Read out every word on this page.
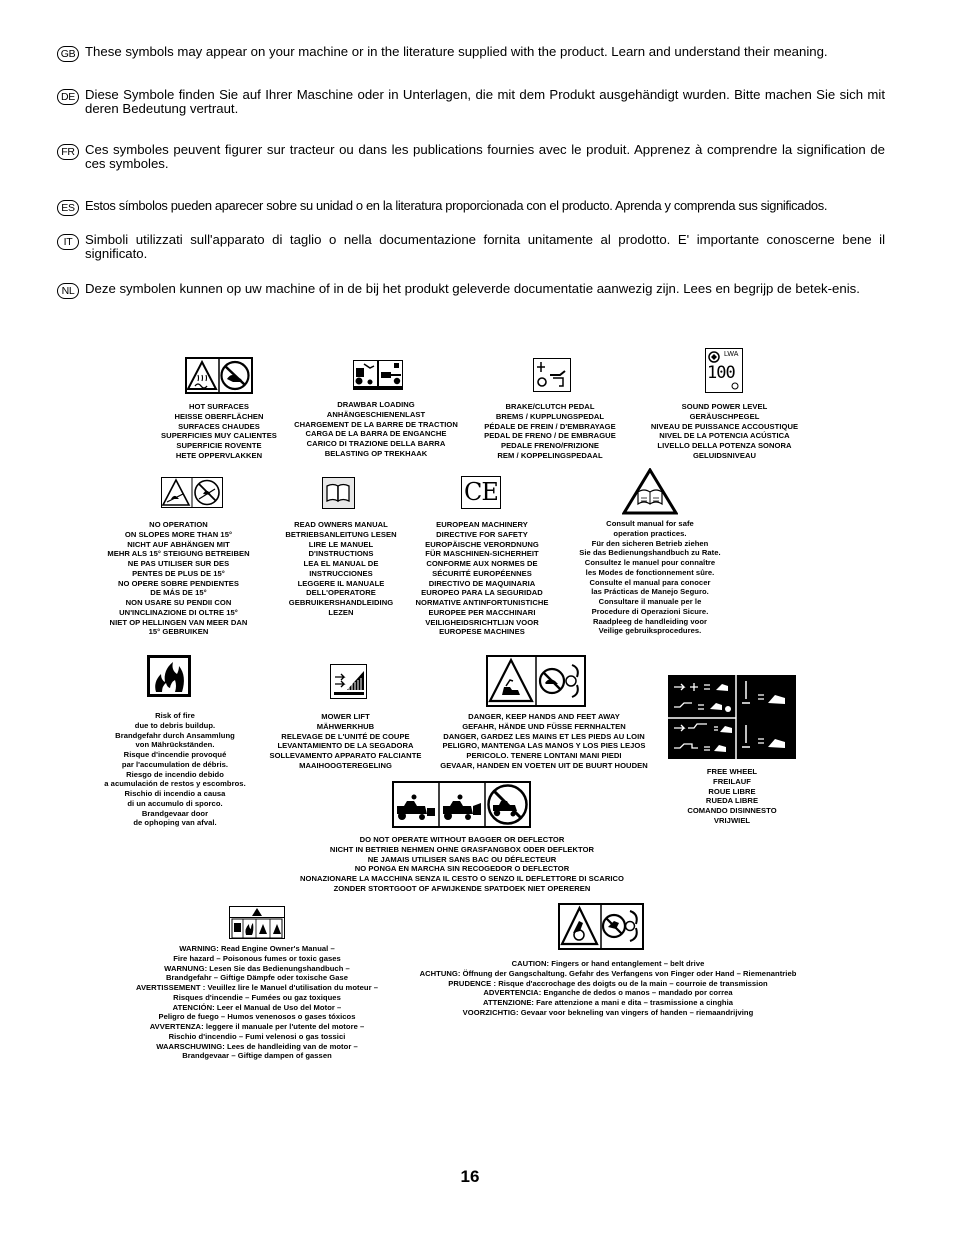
GB These symbols may appear on your machine or in the literature supplied with the product. Learn and understand their meaning.
DE Diese Symbole finden Sie auf Ihrer Maschine oder in Unterlagen, die mit dem Produkt ausgehändigt wurden. Bitte machen Sie sich mit deren Bedeutung vertraut.
FR Ces symboles peuvent figurer sur tracteur ou dans les publications fournies avec le produit. Apprenez à comprendre la signification de ces symboles.
ES Estos símbolos pueden aparecer sobre su unidad o en la literatura proporcionada con el producto. Aprenda y comprenda sus significados.
IT Simboli utilizzati sull'apparato di taglio o nella documentazione fornita unitamente al prodotto. E' importante conoscerne bene il significato.
NL Deze symbolen kunnen op uw machine of in de bij het produkt geleverde documentatie aanwezig zijn. Lees en begrijp de betek-enis.
HOT SURFACES
HEISSE OBERFLÄCHEN
SURFACES CHAUDES
SUPERFICIES MUY CALIENTES
SUPERFICIE ROVENTE
HETE OPPERVLAKKEN
DRAWBAR LOADING
ANHÄNGESCHIENENLAST
CHARGEMENT DE LA BARRE DE TRACTION
CARGA DE LA BARRA DE ENGANCHE
CARICO DI TRAZIONE DELLA BARRA
BELASTING OP TREKHAAK
BRAKE/CLUTCH PEDAL
BREMS / KUPPLUNGSPEDAL
PÉDALE DE FREIN / D'EMBRAYAGE
PEDAL DE FRENO / DE EMBRAGUE
PEDALE FRENO/FRIZIONE
REM / KOPPELINGSPEDAAL
LWA
100
SOUND POWER LEVEL
GERÄUSCHPEGEL
NIVEAU DE PUISSANCE ACCOUSTIQUE
NIVEL DE LA POTENCIA ACÚSTICA
LIVELLO DELLA POTENZA SONORA
GELUIDSNIVEAU
NO OPERATION
ON SLOPES MORE THAN 15°
NICHT AUF ABHÄNGEN MIT
MEHR ALS 15° STEIGUNG BETREIBEN
NE PAS UTILISER SUR DES
PENTES DE PLUS DE 15°
NO OPERE SOBRE PENDIENTES
DE MÁS DE 15°
NON USARE SU PENDII CON
UN'INCLINAZIONE DI OLTRE 15°
NIET OP HELLINGEN VAN MEER DAN
15° GEBRUIKEN
READ OWNERS MANUAL
BETRIEBSANLEITUNG LESEN
LIRE LE MANUEL
D'INSTRUCTIONS
LEA EL MANUAL DE
INSTRUCCIONES
LEGGERE IL MANUALE
DELL'OPERATORE
GEBRUIKERSHANDLEIDING
LEZEN
CE
EUROPEAN MACHINERY
DIRECTIVE FOR SAFETY
EUROPÄISCHE VERORDNUNG
FÜR MASCHINEN-SICHERHEIT
CONFORME AUX NORMES DE
SÉCURITÉ EUROPÉENNES
DIRECTIVO DE MAQUINARIA
EUROPEO PARA LA SEGURIDAD
NORMATIVE ANTINFORTUNISTICHE
EUROPEE PER MACCHINARI
VEILIGHEIDSRICHTLIJN VOOR
EUROPESE MACHINES
Consult manual for safe
operation practices.
Für den sicheren Betrieb ziehen
Sie das Bedienungshandbuch zu Rate.
Consultez le manuel pour connaître
les Modes de fonctionnement sûre.
Consulte el manual para conocer
las Prácticas de Manejo Seguro.
Consultare il manuale per le
Procedure di Operazioni Sicure.
Raadpleeg de handleiding voor
Veilige gebruiksprocedures.
Risk of fire
due to debris buildup.
Brandgefahr durch Ansammlung
von Mährückständen.
Risque d'incendie provoqué
par l'accumulation de débris.
Riesgo de incendio debido
a acumulación de restos y escombros.
Rischio di incendio a causa
di un accumulo di sporco.
Brandgevaar door
de ophoping van afval.
MOWER LIFT
MÄHWERKHUB
RELEVAGE DE L'UNITÉ DE COUPE
LEVANTAMIENTO DE LA SEGADORA
SOLLEVAMENTO APPARATO FALCIANTE
MAAIHOOGTEREGELING
DANGER, KEEP HANDS AND FEET AWAY
GEFAHR, HÄNDE UND FÜSSE FERNHALTEN
DANGER, GARDEZ LES MAINS ET LES PIEDS AU LOIN
PELIGRO, MANTENGA LAS MANOS Y LOS PIES LEJOS
PERICOLO. TENERE LONTANI MANI PIEDI
GEVAAR, HANDEN EN VOETEN UIT DE BUURT HOUDEN
FREE WHEEL
FREILAUF
ROUE LIBRE
RUEDA LIBRE
COMANDO DISINNESTO
VRIJWIEL
DO NOT OPERATE WITHOUT BAGGER OR DEFLECTOR
NICHT IN BETRIEB NEHMEN OHNE GRASFANGBOX ODER DEFLEKTOR
NE JAMAIS UTILISER SANS BAC OU DÉFLECTEUR
NO PONGA EN MARCHA SIN RECOGEDOR O DEFLECTOR
NONAZIONARE LA MACCHINA SENZA IL CESTO O SENZO IL DEFLETTORE DI SCARICO
ZONDER STORTGOOT OF AFWIJKENDE SPATDOEK NIET OPEREREN
WARNING: Read Engine Owner's Manual –
Fire hazard – Poisonous fumes or toxic gases
WARNUNG: Lesen Sie das Bedienungshandbuch –
Brandgefahr – Giftige Dämpfe oder toxische Gase
AVERTISSEMENT : Veuillez lire le Manuel d'utilisation du moteur –
Risques d'incendie – Fumées ou gaz toxiques
ATENCIÓN: Leer el Manual de Uso del Motor –
Peligro de fuego – Humos venenosos o gases tóxicos
AVVERTENZA: leggere il manuale per l'utente del motore –
Rischio d'incendio – Fumi velenosi o gas tossici
WAARSCHUWING: Lees de handleiding van de motor –
Brandgevaar – Giftige dampen of gassen
CAUTION: Fingers or hand entanglement – belt drive
ACHTUNG: Öffnung der Gangschaltung. Gefahr des Verfangens von Finger oder Hand – Riemenantrieb
PRUDENCE : Risque d'accrochage des doigts ou de la main – courroie de transmission
ADVERTENCIA: Enganche de dedos o manos – mandado por correa
ATTENZIONE: Fare attenzione a mani e dita – trasmissione a cinghia
VOORZICHTIG: Gevaar voor bekneling van vingers of handen – riemaandrijving
16
